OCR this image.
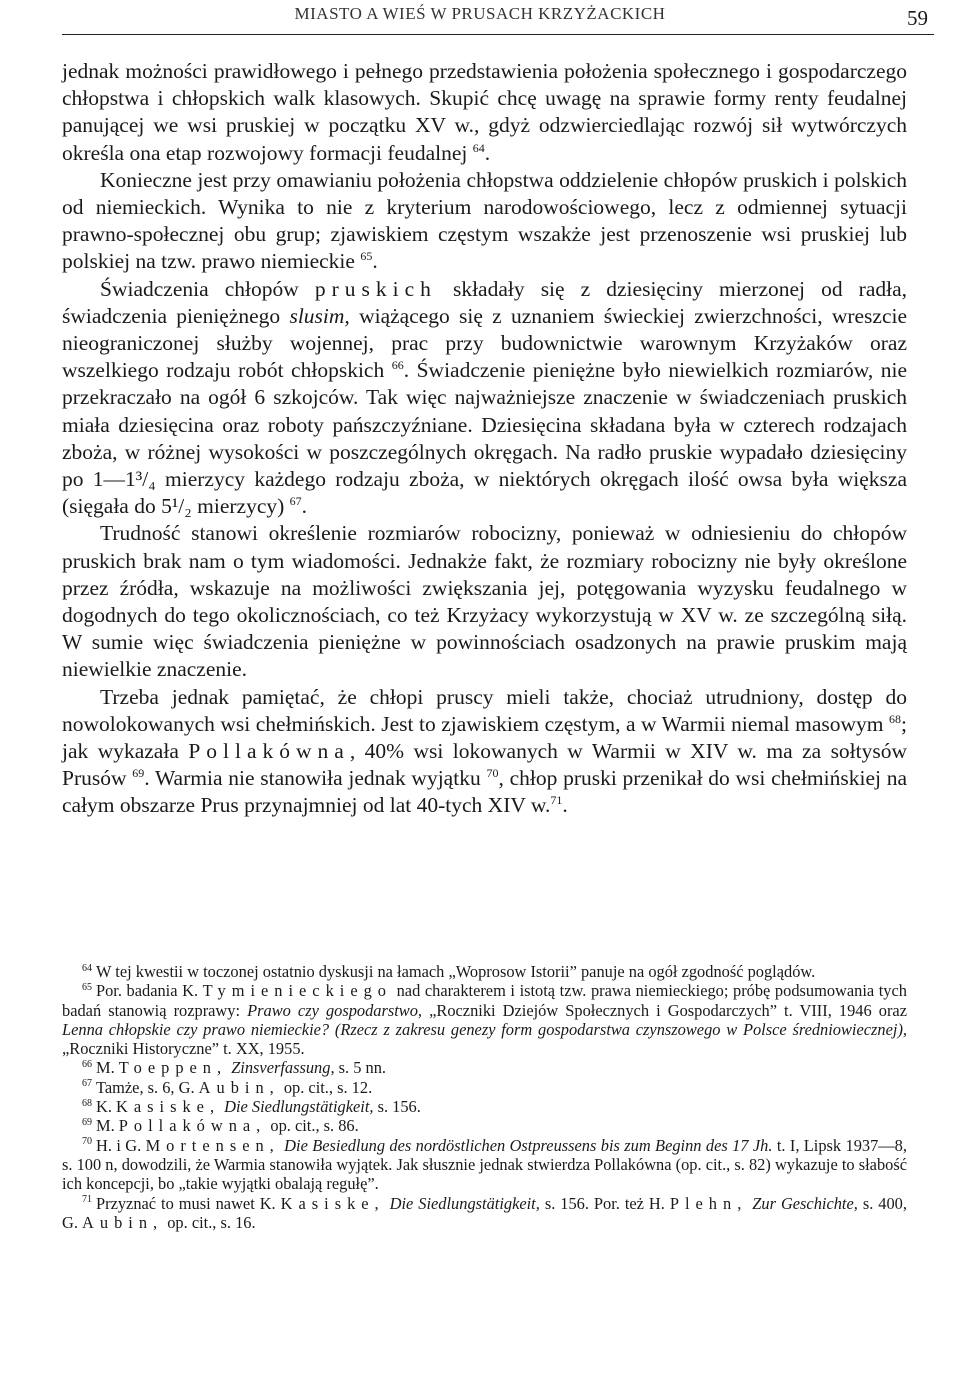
MIASTO A WIEŚ W PRUSACH KRZYŻACKICH	59

jednak możności prawidłowego i pełnego przedstawienia położenia społecznego i gospodarczego chłopstwa i chłopskich walk klasowych. Skupić chcę uwagę na sprawie formy renty feudalnej panującej we wsi pruskiej w początku XV w., gdyż odzwierciedlając rozwój sił wytwórczych określa ona etap rozwojowy formacji feudalnej $^{64}$.

Konieczne jest przy omawianiu położenia chłopstwa oddzielenie chłopów pruskich i polskich od niemieckich. Wynika to nie z kryterium narodowościowego, lecz z odmiennej sytuacji prawno-społecznej obu grup; zjawiskiem częstym wszakże jest przenoszenie wsi pruskiej lub polskiej na tzw. prawo niemieckie $^{65}$.

Świadczenia chłopów pruskich składały się z dziesięciny mierzonej od radła, świadczenia pieniężnego slusim, wiążącego się z uznaniem świeckiej zwierzchności, wreszcie nieograniczonej służby wojennej, prac przy budownictwie warownym Krzyżaków oraz wszelkiego rodzaju robót chłopskich $^{66}$. Świadczenie pieniężne było niewielkich rozmiarów, nie przekraczało na ogół 6 szkojców. Tak więc najważniejsze znaczenie w świadczeniach pruskich miała dziesięcina oraz roboty pańszczyźniane. Dziesięcina składana była w czterech rodzajach zboża, w różnej wysokości w poszczególnych okręgach. Na radło pruskie wypadało dziesięciny po 1—1³/₄ mierzycy każdego rodzaju zboża, w niektórych okręgach ilość owsa była większa (sięgała do 5¹/₂ mierzycy) $^{67}$.

Trudność stanowi określenie rozmiarów robocizny, ponieważ w odniesieniu do chłopów pruskich brak nam o tym wiadomości. Jednakże fakt, że rozmiary robocizny nie były określone przez źródła, wskazuje na możliwości zwiększania jej, potęgowania wyzysku feudalnego w dogodnych do tego okolicznościach, co też Krzyżacy wykorzystują w XV w. ze szczególną siłą. W sumie więc świadczenia pieniężne w powinnościach osadzonych na prawie pruskim mają niewielkie znaczenie.

Trzeba jednak pamiętać, że chłopi pruscy mieli także, chociaż utrudniony, dostęp do nowolokowanych wsi chełmińskich. Jest to zjawiskiem częstym, a w Warmii niemal masowym $^{68}$; jak wykazała Pollakówna, 40% wsi lokowanych w Warmii w XIV w. ma za sołtysów Prusów $^{69}$. Warmia nie stanowiła jednak wyjątku $^{70}$, chłop pruski przenikał do wsi chełmińskiej na całym obszarze Prus przynajmniej od lat 40-tych XIV w.$^{71}$.

$^{64}$ W tej kwestii w toczonej ostatnio dyskusji na łamach „Woprosow Istorii” panuje na ogół zgodność poglądów.

$^{65}$ Por. badania K. Tymienieckiego nad charakterem i istotą tzw. prawa niemieckiego; próbę podsumowania tych badań stanowią rozprawy: Prawo czy gospodarstwo, „Roczniki Dziejów Społecznych i Gospodarczych” t. VIII, 1946 oraz Lenna chłopskie czy prawo niemieckie? (Rzecz z zakresu genezy form gospodarstwa czynszowego w Polsce średniowiecznej), „Roczniki Historyczne” t. XX, 1955.

$^{66}$ M. Toeppen, Zinsverfassung, s. 5 nn.

$^{67}$ Tamże, s. 6, G. Aubin, op. cit., s. 12.

$^{68}$ K. Kasiske, Die Siedlungstätigkeit, s. 156.

$^{69}$ M. Pollakówna, op. cit., s. 86.

$^{70}$ H. i G. Mortensen, Die Besiedlung des nordöstlichen Ostpreussens bis zum Beginn des 17 Jh. t. I, Lipsk 1937—8, s. 100 n, dowodzili, że Warmia stanowiła wyjątek. Jak słusznie jednak stwierdza Pollakówna (op. cit., s. 82) wykazuje to słabość ich koncepcji, bo „takie wyjątki obalają regułę”.

$^{71}$ Przyznać to musi nawet K. Kasiske, Die Siedlungstätigkeit, s. 156. Por. też H. Plehn, Zur Geschichte, s. 400, G. Aubin, op. cit., s. 16.
